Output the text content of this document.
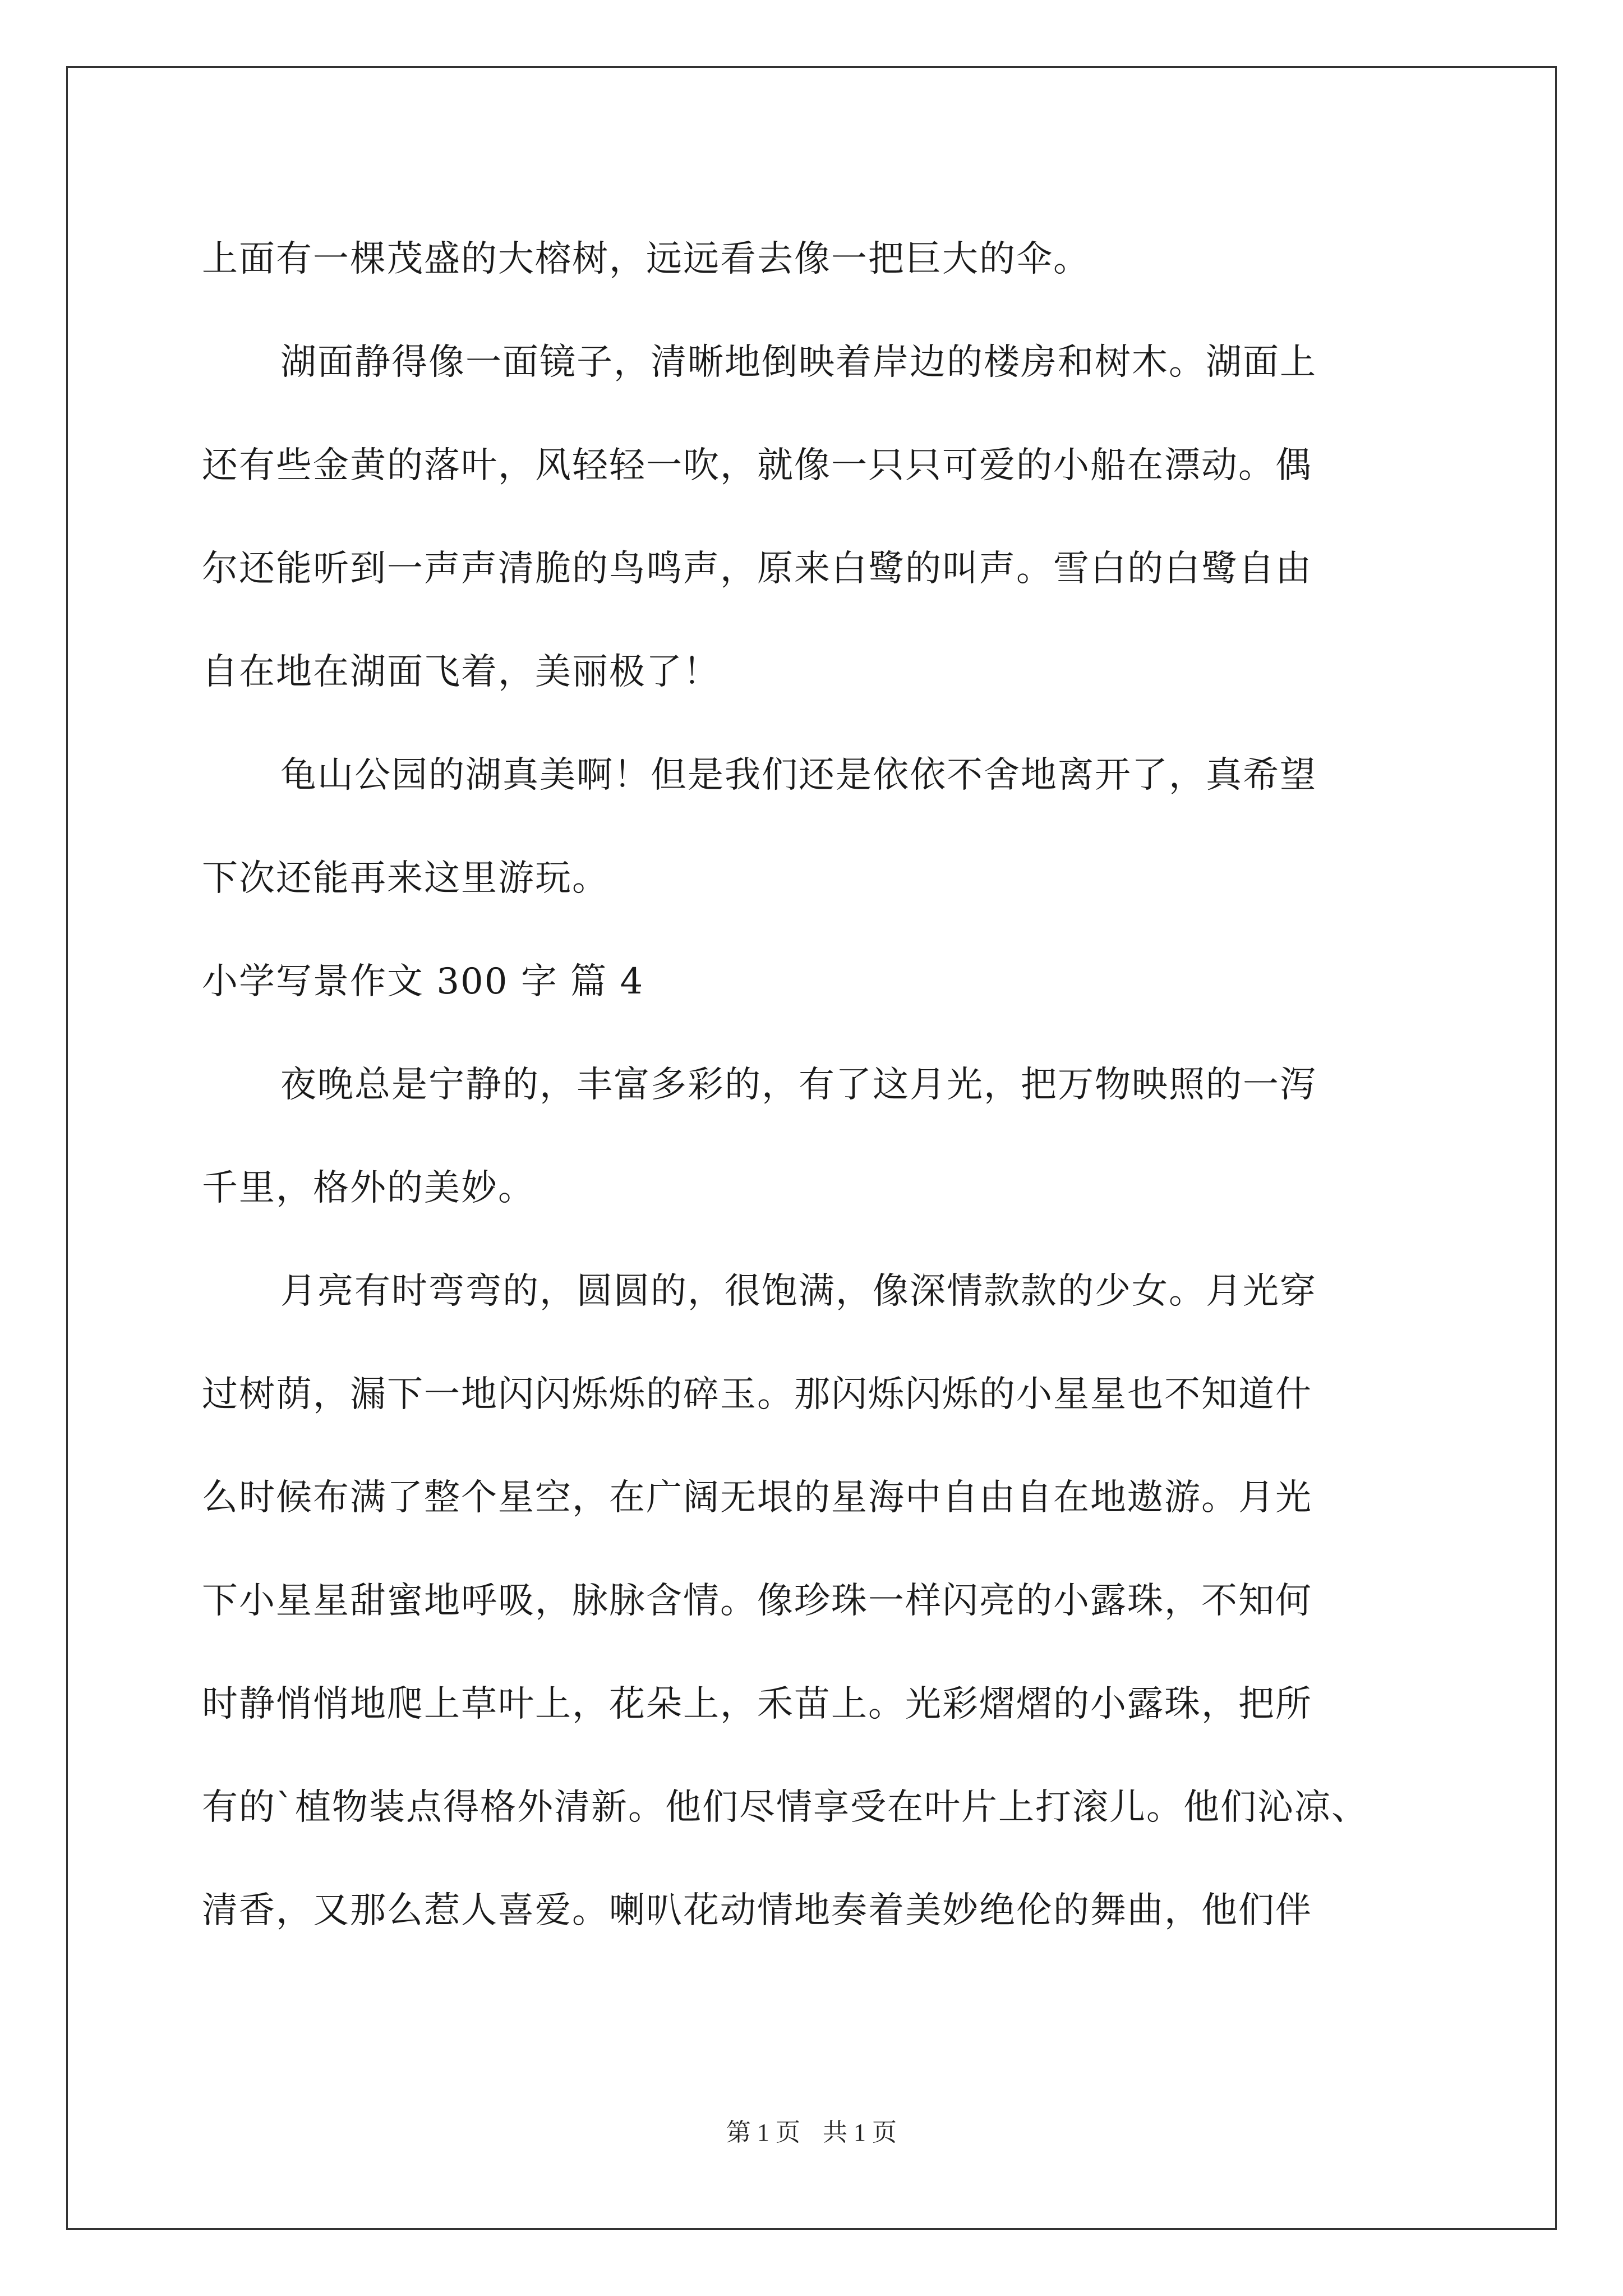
上面有一棵茂盛的大榕树，远远看去像一把巨大的伞。
湖面静得像一面镜子，清晰地倒映着岸边的楼房和树木。湖面上
还有些金黄的落叶，风轻轻一吹，就像一只只可爱的小船在漂动。偶
尔还能听到一声声清脆的鸟鸣声，原来白鹭的叫声。雪白的白鹭自由
自在地在湖面飞着，美丽极了！
龟山公园的湖真美啊！但是我们还是依依不舍地离开了，真希望
下次还能再来这里游玩。
小学写景作文 300 字 篇 4
夜晚总是宁静的，丰富多彩的，有了这月光，把万物映照的一泻
千里，格外的美妙。
月亮有时弯弯的，圆圆的，很饱满，像深情款款的少女。月光穿
过树荫，漏下一地闪闪烁烁的碎玉。那闪烁闪烁的小星星也不知道什
么时候布满了整个星空，在广阔无垠的星海中自由自在地遨游。月光
下小星星甜蜜地呼吸，脉脉含情。像珍珠一样闪亮的小露珠，不知何
时静悄悄地爬上草叶上，花朵上，禾苗上。光彩熠熠的小露珠，把所
有的`植物装点得格外清新。他们尽情享受在叶片上打滚儿。他们沁凉、
清香，又那么惹人喜爱。喇叭花动情地奏着美妙绝伦的舞曲，他们伴
第 1 页 共 1 页
